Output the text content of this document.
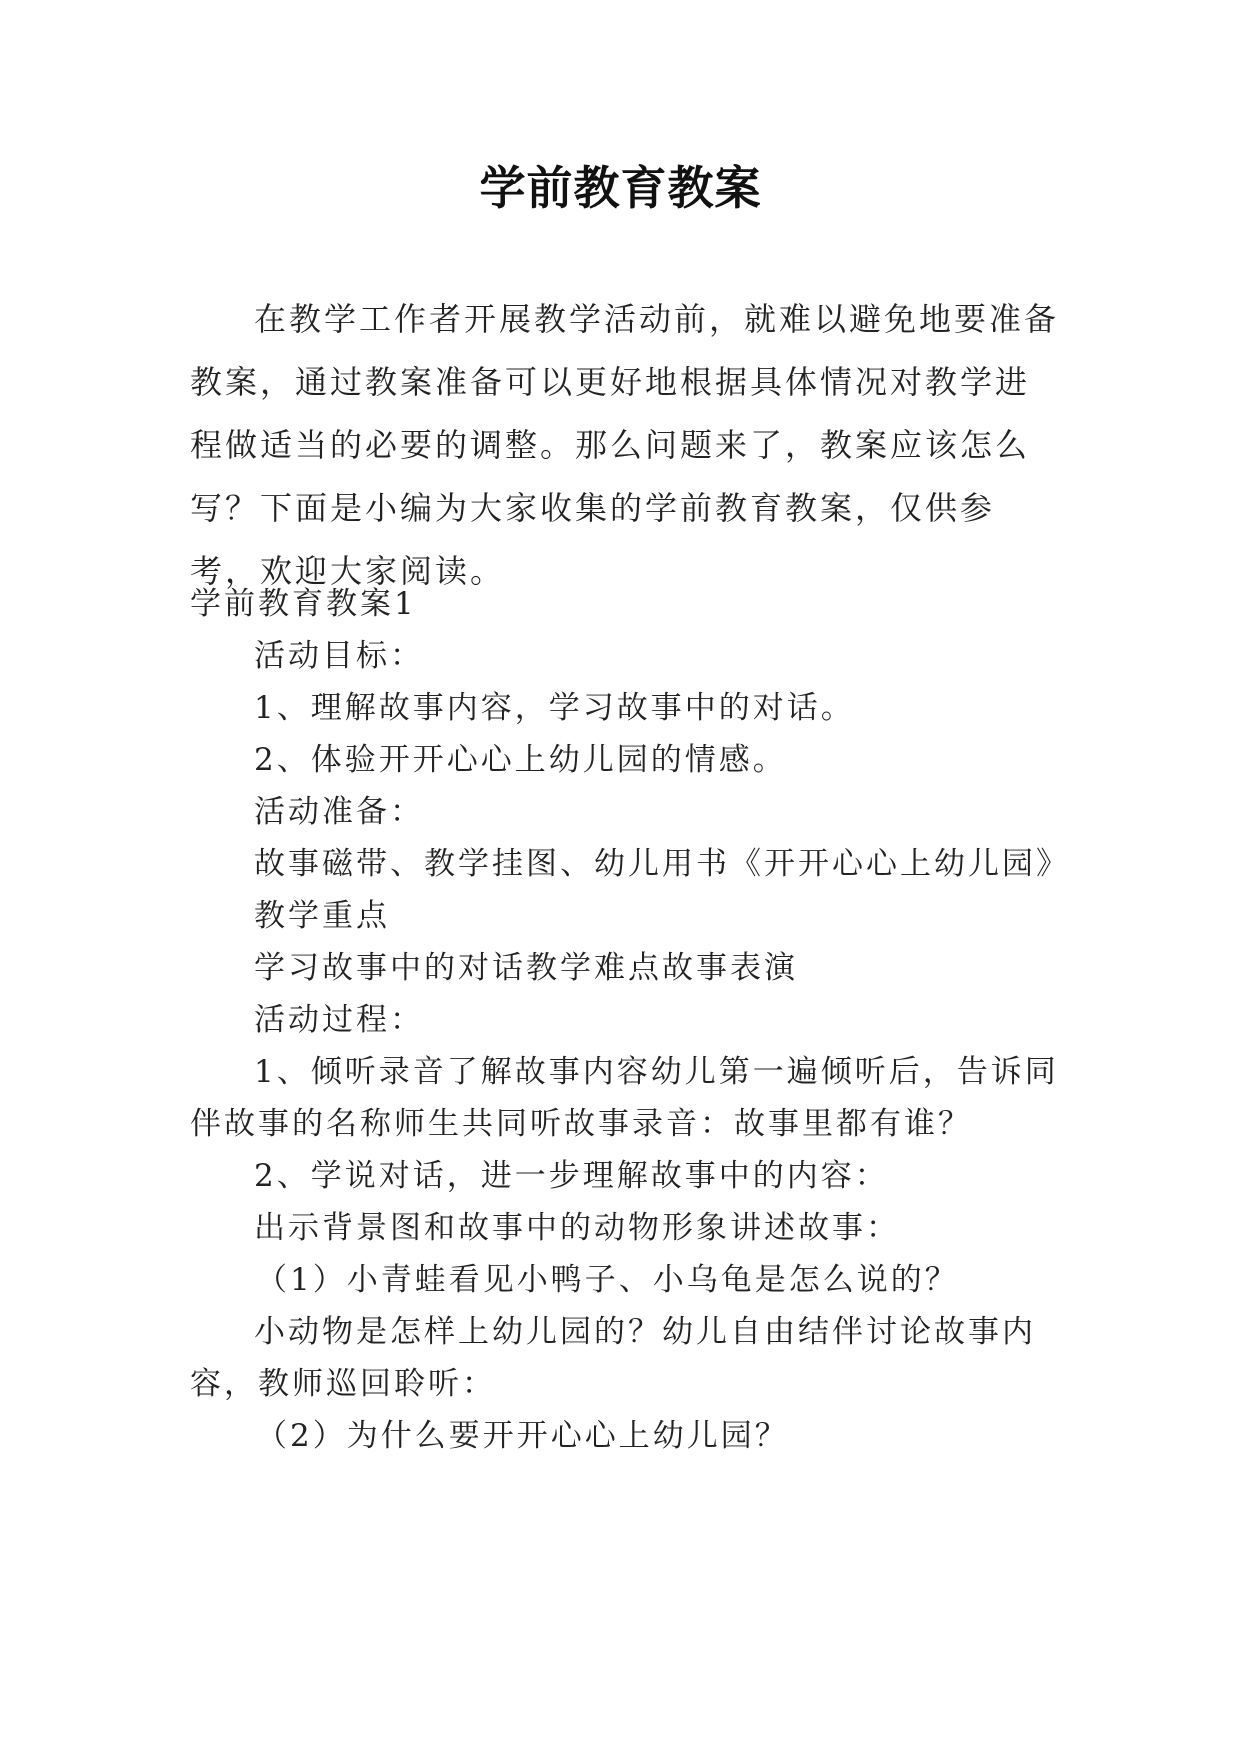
学前教育教案
在教学工作者开展教学活动前，就难以避免地要准备教案，通过教案准备可以更好地根据具体情况对教学进程做适当的必要的调整。那么问题来了，教案应该怎么写？下面是小编为大家收集的学前教育教案，仅供参考，欢迎大家阅读。
学前教育教案1
活动目标：
1、理解故事内容，学习故事中的对话。
2、体验开开心心上幼儿园的情感。
活动准备：
故事磁带、教学挂图、幼儿用书《开开心心上幼儿园》
教学重点
学习故事中的对话教学难点故事表演
活动过程：
1、倾听录音了解故事内容幼儿第一遍倾听后，告诉同
伴故事的名称师生共同听故事录音：故事里都有谁？
2、学说对话，进一步理解故事中的内容：
出示背景图和故事中的动物形象讲述故事：
（1）小青蛙看见小鸭子、小乌龟是怎么说的？
小动物是怎样上幼儿园的？幼儿自由结伴讨论故事内
容，教师巡回聆听：
（2）为什么要开开心心上幼儿园？
